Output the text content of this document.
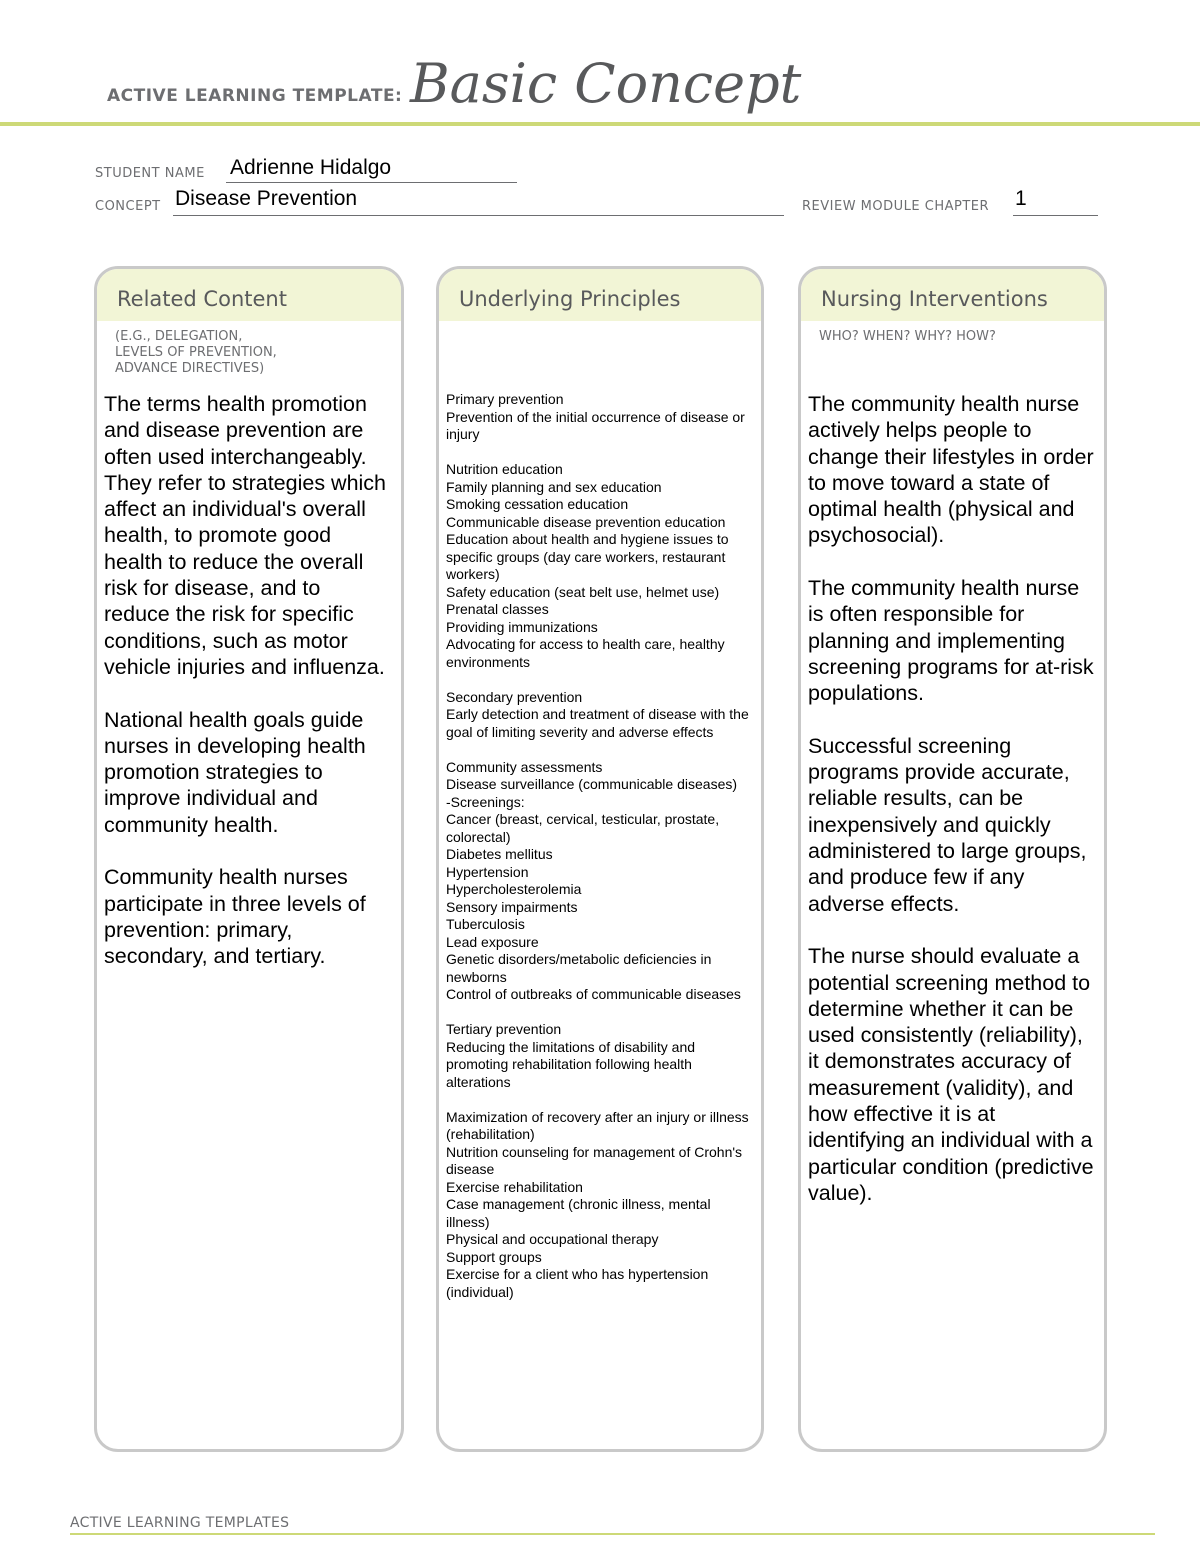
ACTIVE LEARNING TEMPLATE: Basic Concept
STUDENT NAME Adrienne Hidalgo
CONCEPT Disease Prevention	REVIEW MODULE CHAPTER 1
Related Content
(E.G., DELEGATION,
LEVELS OF PREVENTION,
ADVANCE DIRECTIVES)

The terms health promotion and disease prevention are often used interchangeably. They refer to strategies which affect an individual's overall health, to promote good health to reduce the overall risk for disease, and to reduce the risk for specific conditions, such as motor vehicle injuries and influenza.

National health goals guide nurses in developing health promotion strategies to improve individual and community health.

Community health nurses participate in three levels of prevention: primary, secondary, and tertiary.

Underlying Principles
Primary prevention
Prevention of the initial occurrence of disease or injury
Nutrition education
Family planning and sex education
Smoking cessation education
Communicable disease prevention education
Education about health and hygiene issues to specific groups (day care workers, restaurant workers)
Safety education (seat belt use, helmet use)
Prenatal classes
Providing immunizations
Advocating for access to health care, healthy environments
Secondary prevention
Early detection and treatment of disease with the goal of limiting severity and adverse effects
Community assessments
Disease surveillance (communicable diseases)
-Screenings:
Cancer (breast, cervical, testicular, prostate, colorectal)
Diabetes mellitus
Hypertension
Hypercholesterolemia
Sensory impairments
Tuberculosis
Lead exposure
Genetic disorders/metabolic deficiencies in newborns
Control of outbreaks of communicable diseases
Tertiary prevention
Reducing the limitations of disability and promoting rehabilitation following health alterations
Maximization of recovery after an injury or illness (rehabilitation)
Nutrition counseling for management of Crohn's disease
Exercise rehabilitation
Case management (chronic illness, mental illness)
Physical and occupational therapy
Support groups
Exercise for a client who has hypertension (individual)
Nursing Interventions
WHO? WHEN? WHY? HOW?

The community health nurse actively helps people to change their lifestyles in order to move toward a state of optimal health (physical and psychosocial).

The community health nurse is often responsible for planning and implementing screening programs for at-risk populations.

Successful screening programs provide accurate, reliable results, can be inexpensively and quickly administered to large groups, and produce few if any adverse effects.

The nurse should evaluate a potential screening method to determine whether it can be used consistently (reliability), it demonstrates accuracy of measurement (validity), and how effective it is at identifying an individual with a particular condition (predictive value).

ACTIVE LEARNING TEMPLATES
